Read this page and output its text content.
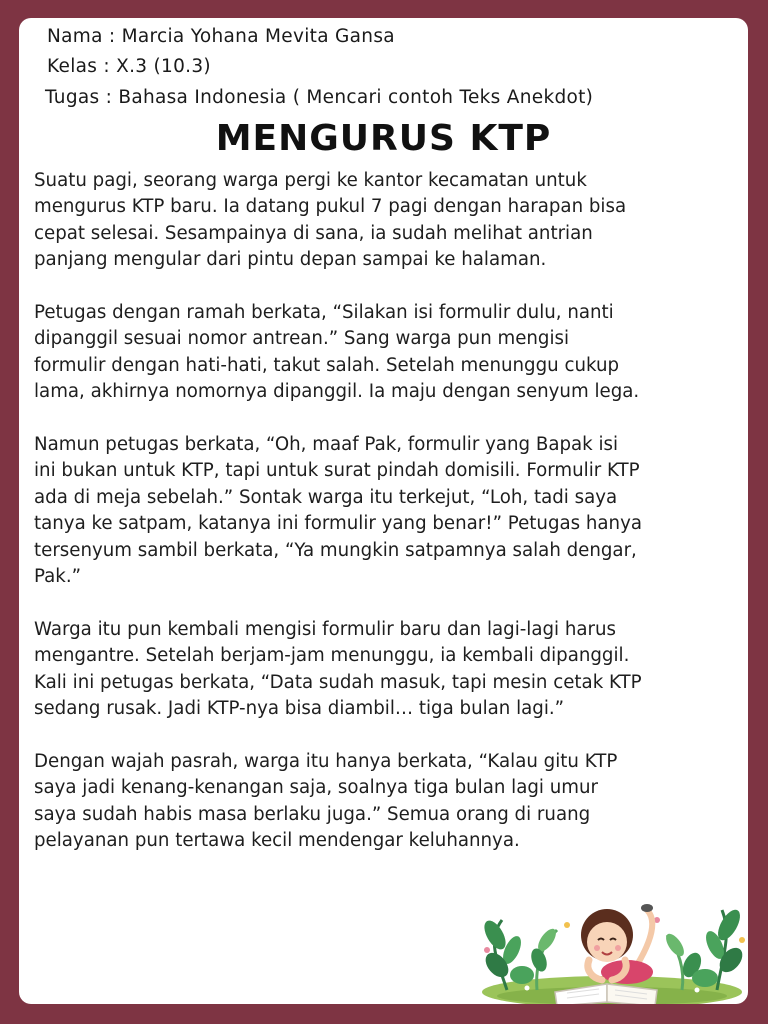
Nama : Marcia Yohana Mevita Gansa
Kelas : X.3 (10.3)
Tugas : Bahasa Indonesia ( Mencari contoh Teks Anekdot)
MENGURUS KTP

Suatu pagi, seorang warga pergi ke kantor kecamatan untuk
mengurus KTP baru. Ia datang pukul 7 pagi dengan harapan bisa
cepat selesai. Sesampainya di sana, ia sudah melihat antrian
panjang mengular dari pintu depan sampai ke halaman.

Petugas dengan ramah berkata, “Silakan isi formulir dulu, nanti
dipanggil sesuai nomor antrean.” Sang warga pun mengisi
formulir dengan hati-hati, takut salah. Setelah menunggu cukup
lama, akhirnya nomornya dipanggil. Ia maju dengan senyum lega.

Namun petugas berkata, “Oh, maaf Pak, formulir yang Bapak isi
ini bukan untuk KTP, tapi untuk surat pindah domisili. Formulir KTP
ada di meja sebelah.” Sontak warga itu terkejut, “Loh, tadi saya
tanya ke satpam, katanya ini formulir yang benar!” Petugas hanya
tersenyum sambil berkata, “Ya mungkin satpamnya salah dengar,
Pak.”

Warga itu pun kembali mengisi formulir baru dan lagi-lagi harus
mengantre. Setelah berjam-jam menunggu, ia kembali dipanggil.
Kali ini petugas berkata, “Data sudah masuk, tapi mesin cetak KTP
sedang rusak. Jadi KTP-nya bisa diambil… tiga bulan lagi.”

Dengan wajah pasrah, warga itu hanya berkata, “Kalau gitu KTP
saya jadi kenang-kenangan saja, soalnya tiga bulan lagi umur
saya sudah habis masa berlaku juga.” Semua orang di ruang
pelayanan pun tertawa kecil mendengar keluhannya.
